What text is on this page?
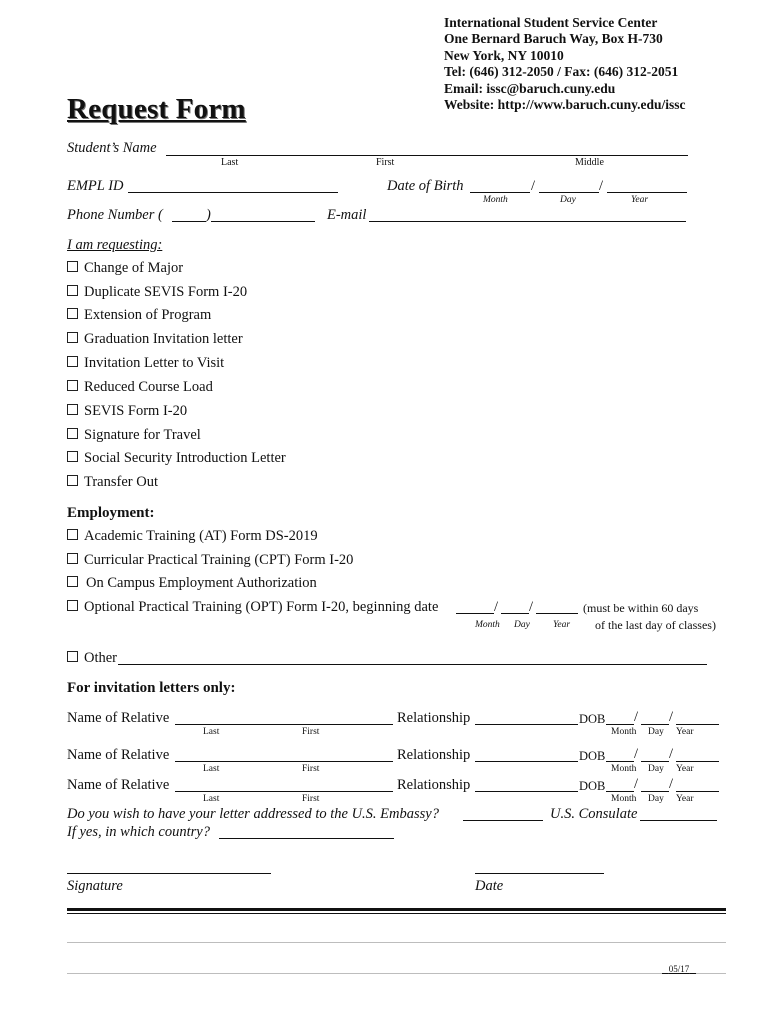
International Student Service Center
One Bernard Baruch Way, Box H-730
New York, NY 10010
Tel: (646) 312-2050 / Fax: (646) 312-2051
Email: issc@baruch.cuny.edu
Website: http://www.baruch.cuny.edu/issc
Request Form
Student’s Name
Last	First	Middle
EMPL ID	Date of Birth	/	/
Month	Day	Year
Phone Number (	)	E-mail
I am requesting:
Change of Major
Duplicate SEVIS Form I-20
Extension of Program
Graduation Invitation letter
Invitation Letter to Visit
Reduced Course Load
SEVIS Form I-20
Signature for Travel
Social Security Introduction Letter
Transfer Out
Employment:
Academic Training (AT) Form DS-2019
Curricular Practical Training (CPT) Form I-20
On Campus Employment Authorization
Optional Practical Training (OPT) Form I-20, beginning date	/ /	(must be within 60 days
of the last day of classes)
Month Day Year
Other
For invitation letters only:
Name of Relative	Relationship	DOB / /
Last	First	Month Day Year
Name of Relative	Relationship	DOB / /
Last	First	Month Day Year
Name of Relative	Relationship	DOB / /
Last	First	Month Day Year
Do you wish to have your letter addressed to the U.S. Embassy?	U.S. Consulate
If yes, in which country?
Signature	Date
05/17
